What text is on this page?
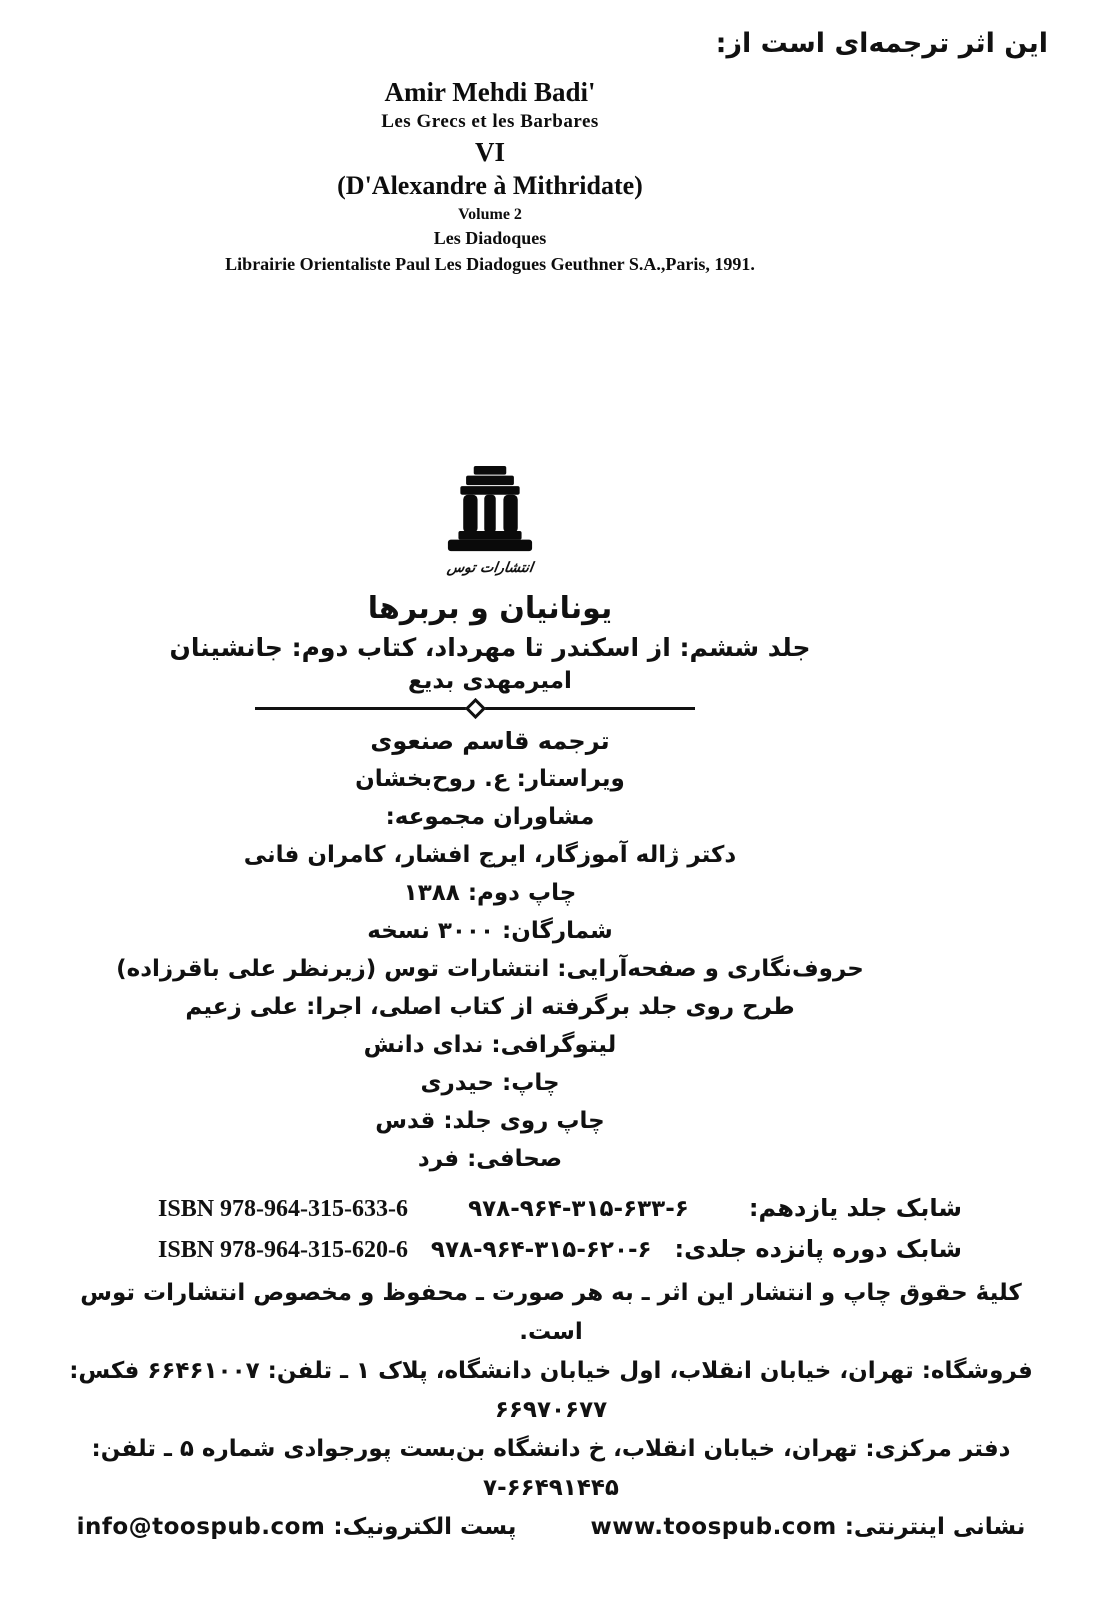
این اثر ترجمه‌ای است از:
Amir Mehdi Badi'
Les Grecs et les Barbares
VI
(D'Alexandre à Mithridate)
Volume 2
Les Diadoques
Librairie Orientaliste Paul Les Diadogues Geuthner S.A.,Paris, 1991.
انتشارات توس
یونانیان و بربرها
جلد ششم: از اسکندر تا مهرداد، کتاب دوم: جانشینان
امیرمهدی بدیع
ترجمه قاسم صنعوی
ویراستار: ع. روح‌بخشان
مشاوران مجموعه:
دکتر ژاله آموزگار، ایرج افشار، کامران فانی
چاپ دوم: ۱۳۸۸
شمارگان: ۳۰۰۰ نسخه
حروف‌نگاری و صفحه‌آرایی: انتشارات توس (زیرنظر علی باقرزاده)
طرح روی جلد برگرفته از کتاب اصلی، اجرا: علی زعیم
لیتوگرافی: ندای دانش
چاپ: حیدری
چاپ روی جلد: قدس
صحافی: فرد
ISBN 978-964-315-633-6	۹۷۸-۹۶۴-۳۱۵-۶۳۳-۶	شابک جلد یازدهم:
ISBN 978-964-315-620-6 ۹۷۸-۹۶۴-۳۱۵-۶۲۰-۶ شابک دوره پانزده جلدی:
کلیهٔ حقوق چاپ و انتشار این اثر ـ به هر صورت ـ محفوظ و مخصوص انتشارات توس است.
فروشگاه: تهران، خیابان انقلاب، اول خیابان دانشگاه، پلاک ۱ ـ تلفن: ۶۶۴۶۱۰۰۷ فکس: ۶۶۹۷۰۶۷۷
دفتر مرکزی: تهران، خیابان انقلاب، خ دانشگاه بن‌بست پورجوادی شماره ۵ ـ تلفن: ۶۶۴۹۱۴۴۵-۷
نشانی اینترنتی: www.toospub.com  پست الکترونیک: info@toospub.com
